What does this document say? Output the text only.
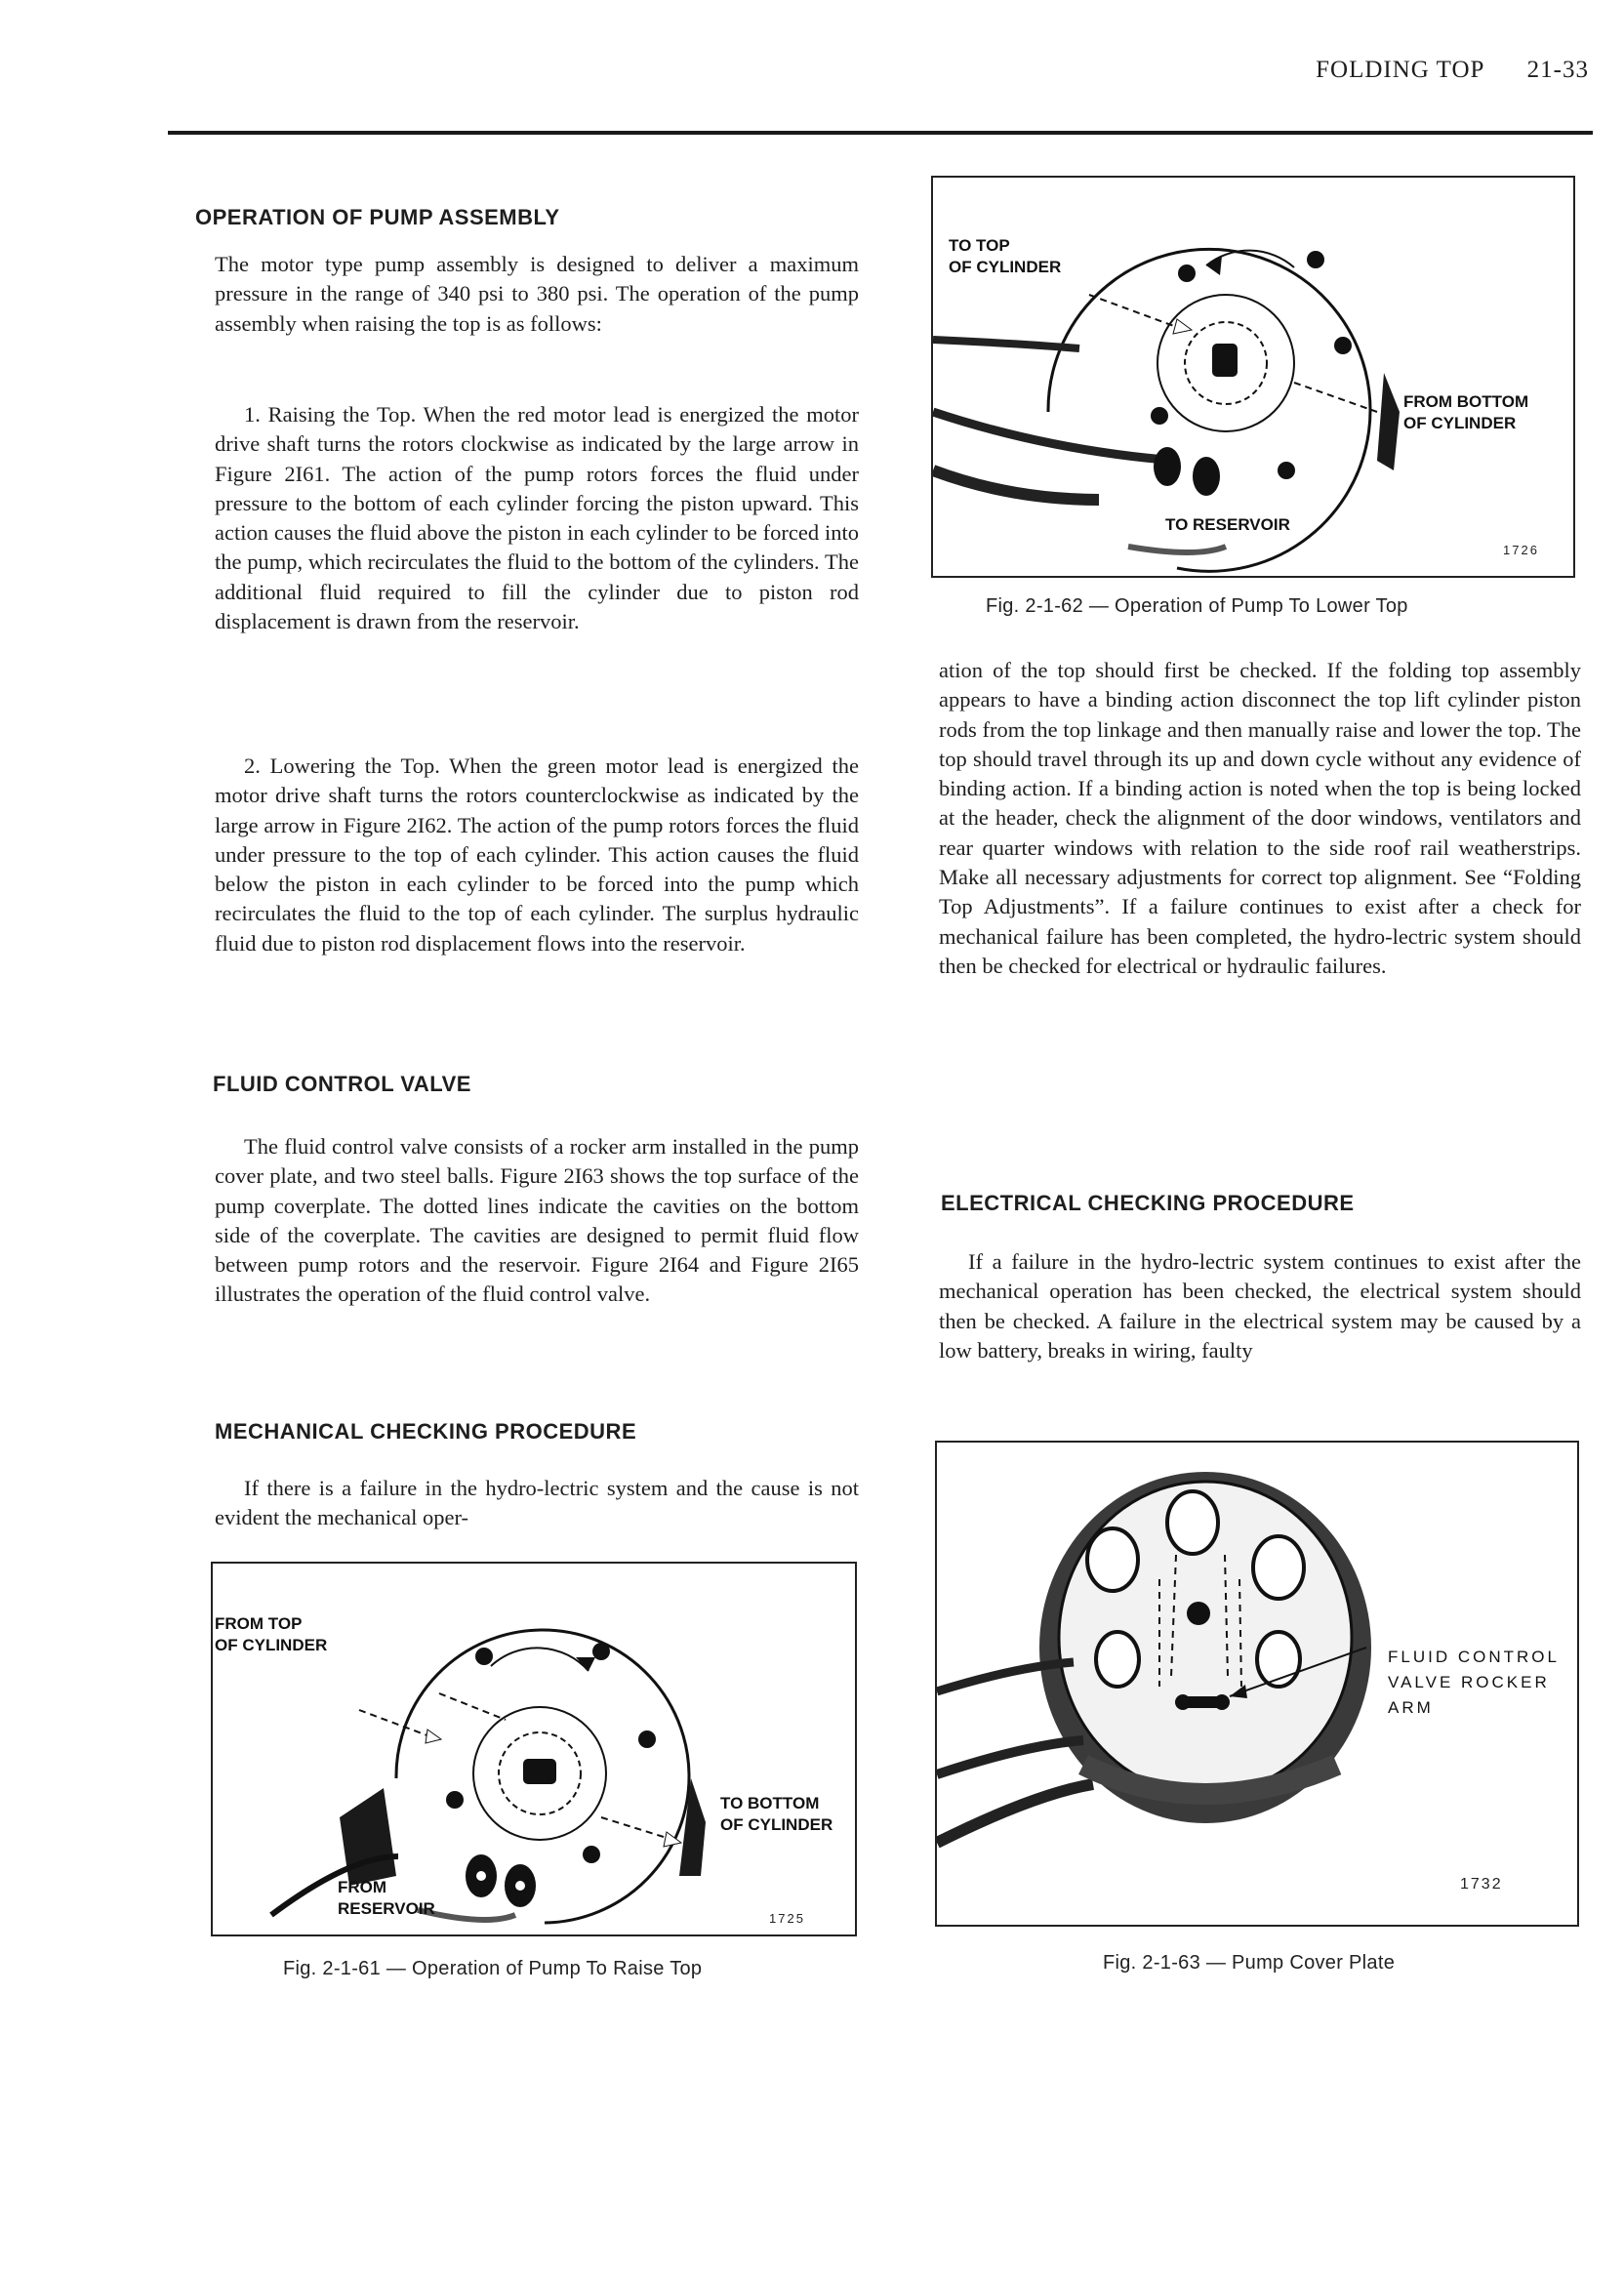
FOLDING TOP 21-33
OPERATION OF PUMP ASSEMBLY

The motor type pump assembly is designed to deliver a maximum pressure in the range of 340 psi to 380 psi. The operation of the pump assembly when raising the top is as follows:

1. Raising the Top. When the red motor lead is energized the motor drive shaft turns the rotors clockwise as indicated by the large arrow in Figure 2I61. The action of the pump rotors forces the fluid under pressure to the bottom of each cylinder forcing the piston upward. This action causes the fluid above the piston in each cylinder to be forced into the pump, which recirculates the fluid to the bottom of the cylinders. The additional fluid required to fill the cylinder due to piston rod displacement is drawn from the reservoir.

2. Lowering the Top. When the green motor lead is energized the motor drive shaft turns the rotors counterclockwise as indicated by the large arrow in Figure 2I62. The action of the pump rotors forces the fluid under pressure to the top of each cylinder. This action causes the fluid below the piston in each cylinder to be forced into the pump which recirculates the fluid to the top of each cylinder. The surplus hydraulic fluid due to piston rod displacement flows into the reservoir.

FLUID CONTROL VALVE

The fluid control valve consists of a rocker arm installed in the pump cover plate, and two steel balls. Figure 2I63 shows the top surface of the pump coverplate. The dotted lines indicate the cavities on the bottom side of the coverplate. The cavities are designed to permit fluid flow between pump rotors and the reservoir. Figure 2I64 and Figure 2I65 illustrates the operation of the fluid control valve.

MECHANICAL CHECKING PROCEDURE

If there is a failure in the hydro-lectric system and the cause is not evident the mechanical oper-

FROM TOP
OF CYLINDER
TO BOTTOM
OF CYLINDER
FROM
RESERVOIR
1725
Fig. 2-1-61 — Operation of Pump To Raise Top
TO TOP
OF CYLINDER
FROM BOTTOM
OF CYLINDER
TO RESERVOIR
1726
Fig. 2-1-62 — Operation of Pump To Lower Top

ation of the top should first be checked. If the folding top assembly appears to have a binding action disconnect the top lift cylinder piston rods from the top linkage and then manually raise and lower the top. The top should travel through its up and down cycle without any evidence of binding action. If a binding action is noted when the top is being locked at the header, check the alignment of the door windows, ventilators and rear quarter windows with relation to the side roof rail weatherstrips. Make all necessary adjustments for correct top alignment. See “Folding Top Adjustments”. If a failure continues to exist after a check for mechanical failure has been completed, the hydro-lectric system should then be checked for electrical or hydraulic failures.

ELECTRICAL CHECKING PROCEDURE

If a failure in the hydro-lectric system continues to exist after the mechanical operation has been checked, the electrical system should then be checked. A failure in the electrical system may be caused by a low battery, breaks in wiring, faulty

FLUID CONTROL
VALVE ROCKER
ARM
1732
Fig. 2-1-63 — Pump Cover Plate
